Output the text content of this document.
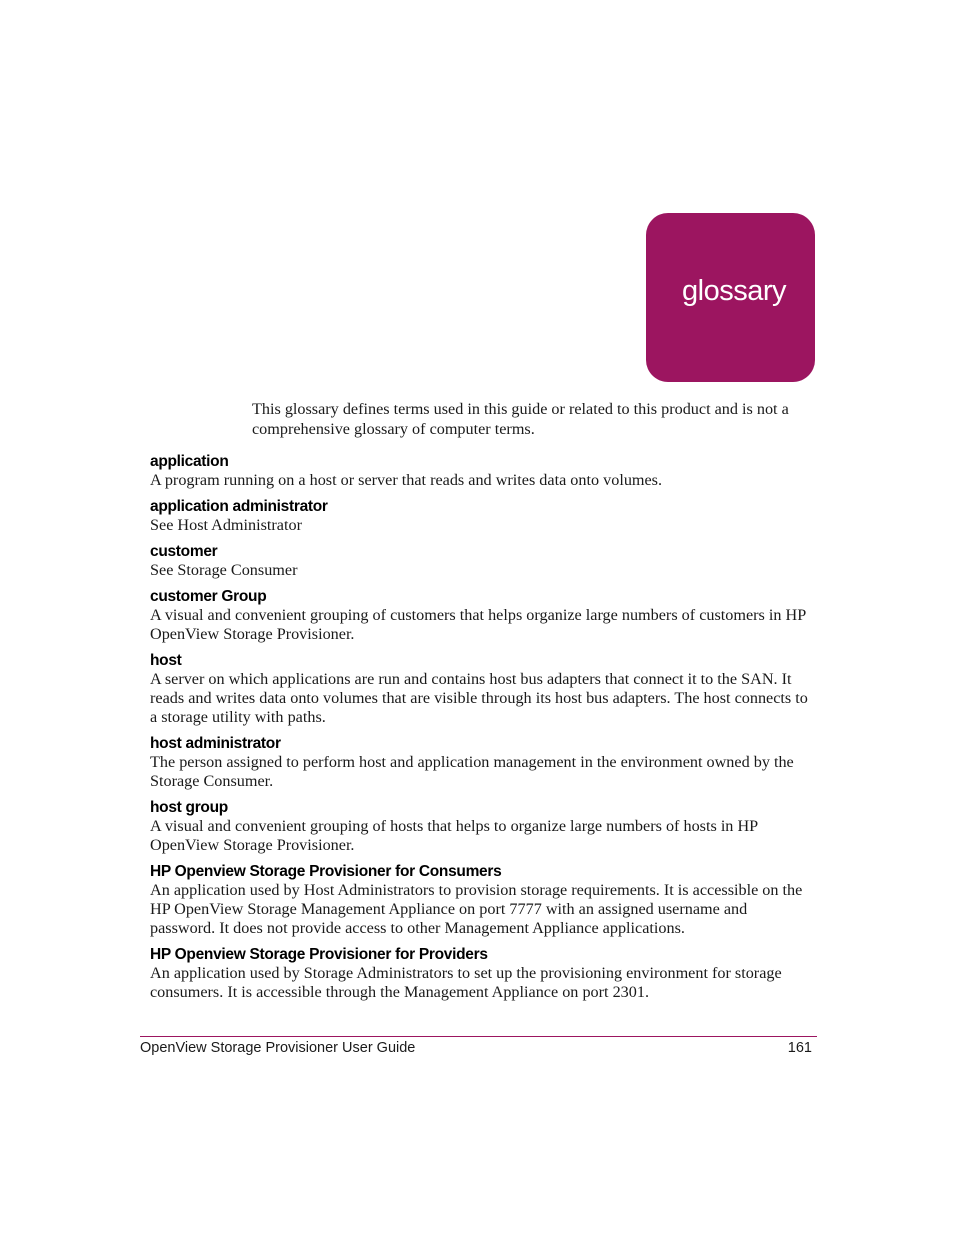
glossary

This glossary defines terms used in this guide or related to this product and is not a comprehensive glossary of computer terms.

application
A program running on a host or server that reads and writes data onto volumes.
application administrator
See Host Administrator
customer
See Storage Consumer
customer Group
A visual and convenient grouping of customers that helps organize large numbers of customers in HP OpenView Storage Provisioner.
host
A server on which applications are run and contains host bus adapters that connect it to the SAN. It reads and writes data onto volumes that are visible through its host bus adapters. The host connects to a storage utility with paths.
host administrator
The person assigned to perform host and application management in the environment owned by the Storage Consumer.
host group
A visual and convenient grouping of hosts that helps to organize large numbers of hosts in HP OpenView Storage Provisioner.
HP Openview Storage Provisioner for Consumers
An application used by Host Administrators to provision storage requirements. It is accessible on the HP OpenView Storage Management Appliance on port 7777 with an assigned username and password. It does not provide access to other Management Appliance applications.
HP Openview Storage Provisioner for Providers
An application used by Storage Administrators to set up the provisioning environment for storage consumers. It is accessible through the Management Appliance on port 2301.
OpenView Storage Provisioner User Guide	161
